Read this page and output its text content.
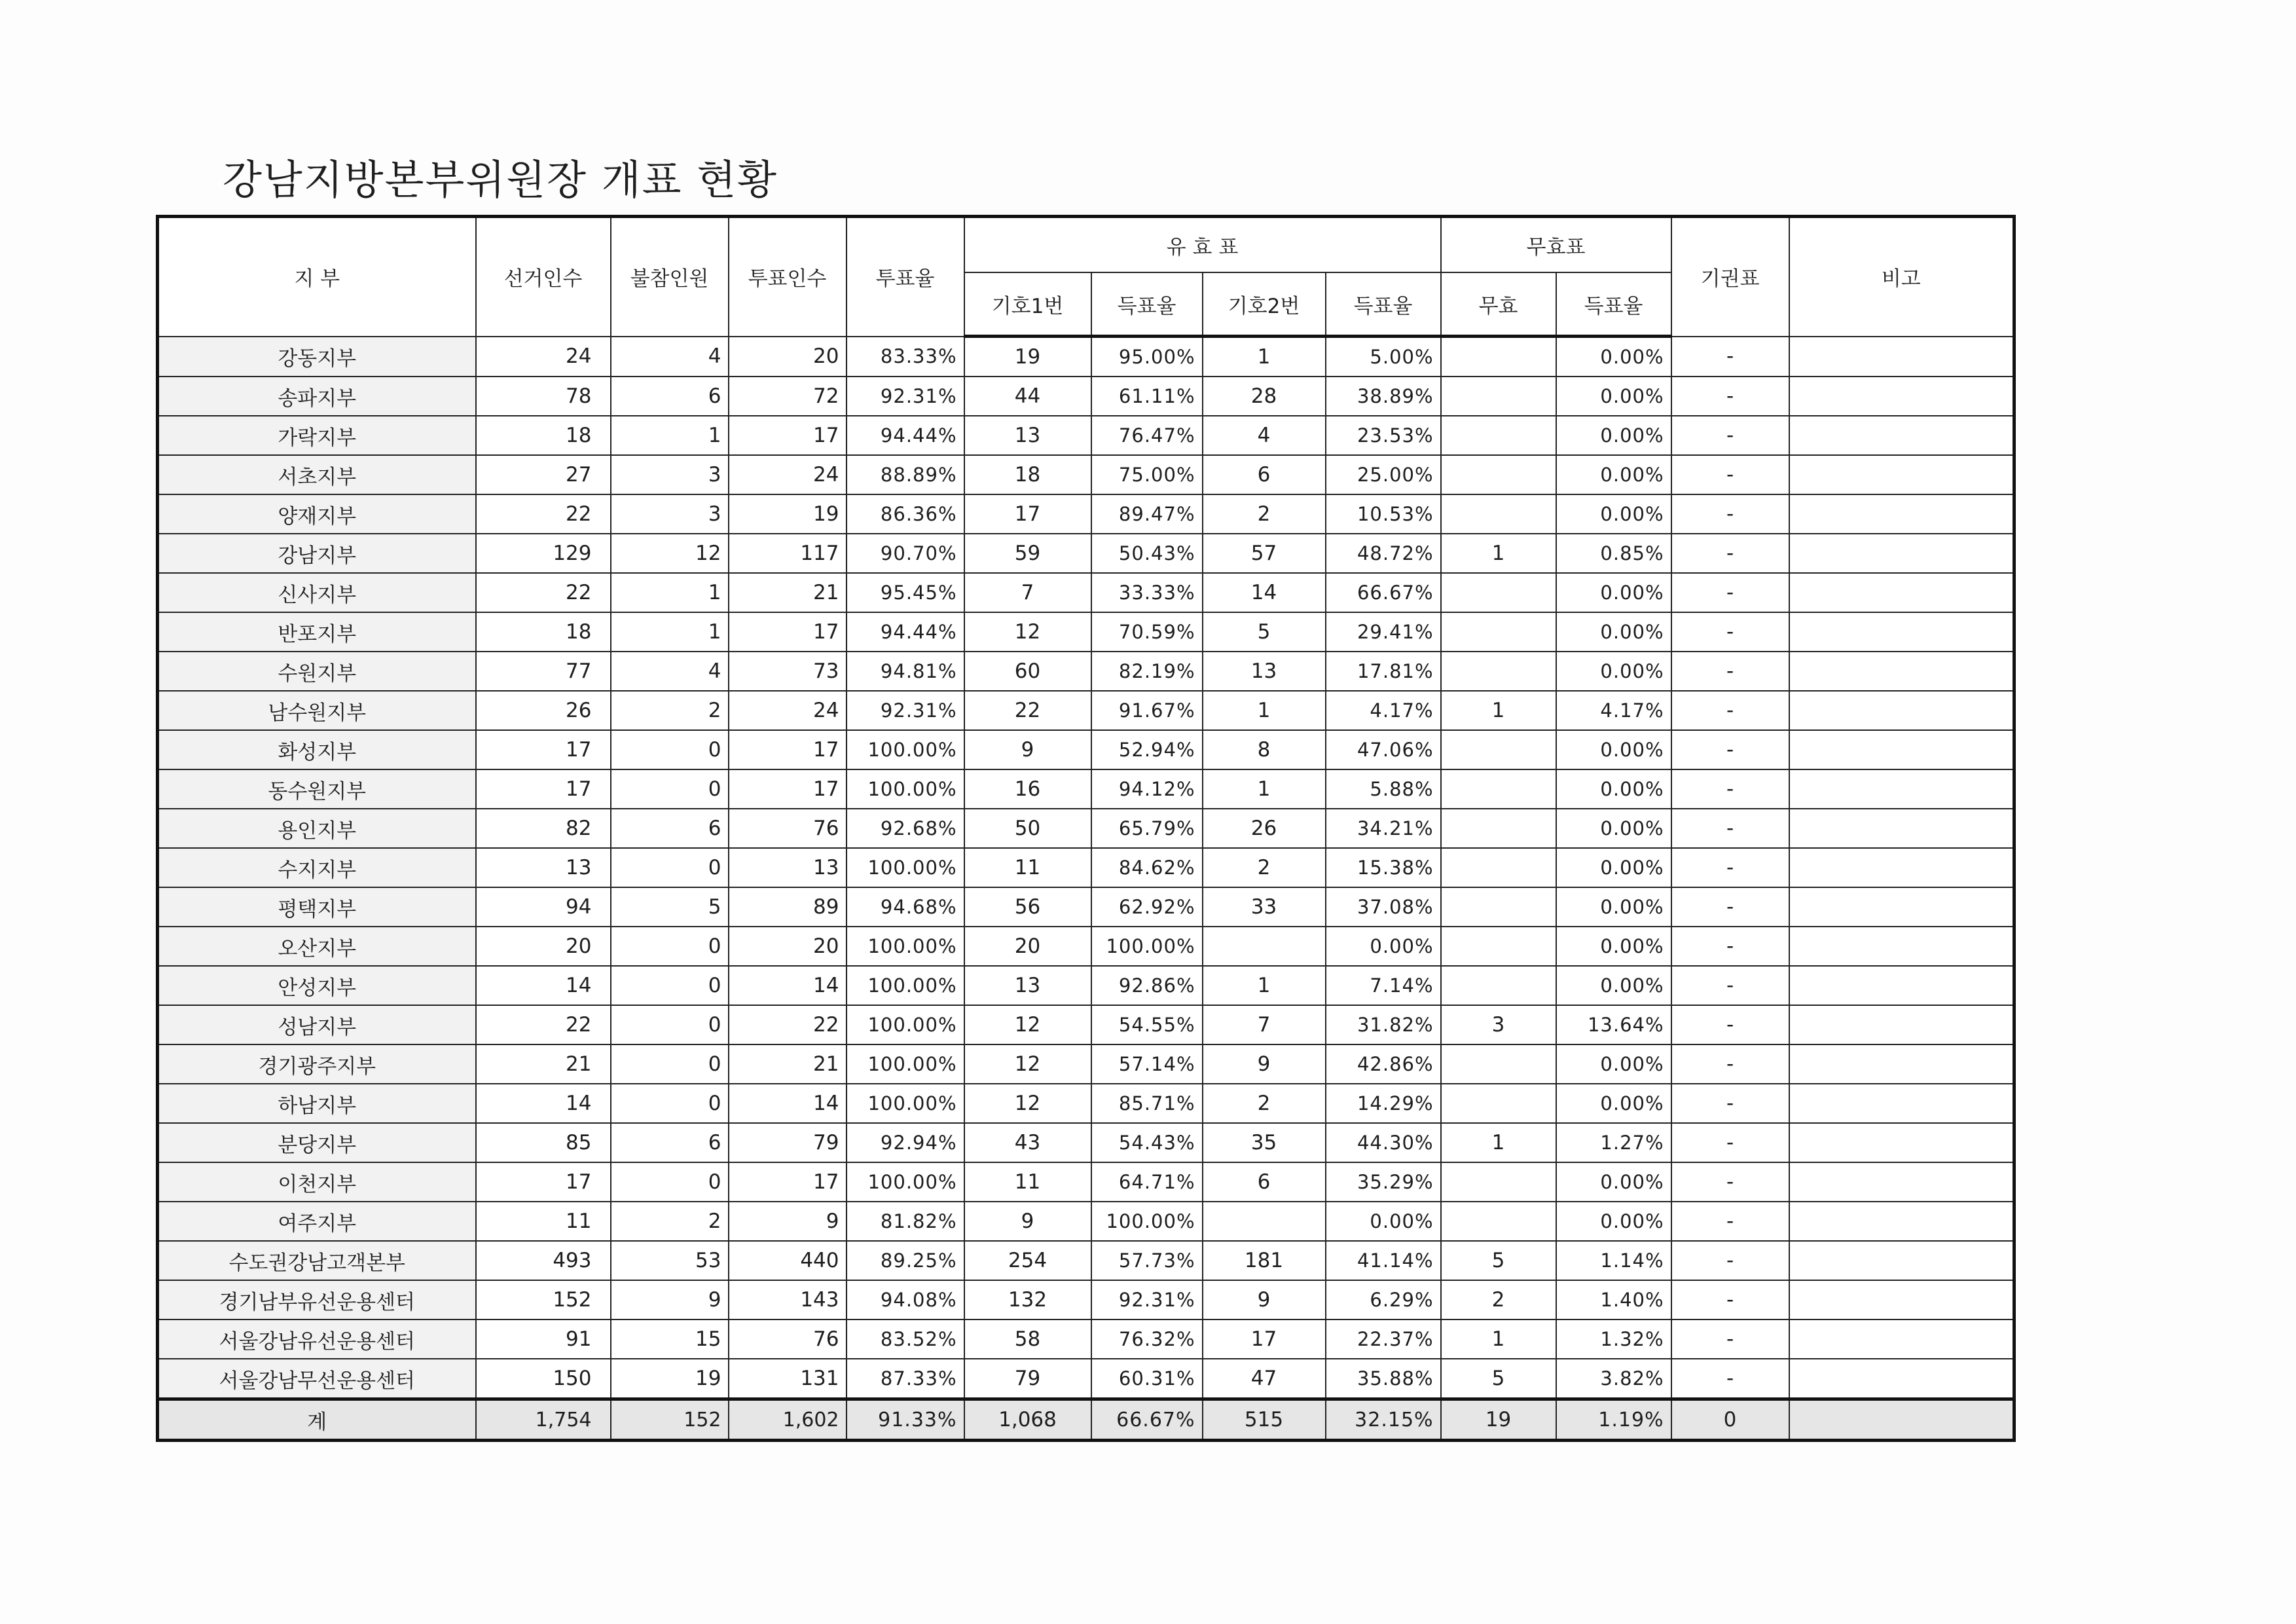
강남지방본부위원장 개표 현황
지 부	선거인수	불참인원	투표인수	투표율	유 효 표				무효표		기권표	비고
					기호1번	득표율	기호2번	득표율	무효	득표율		
강동지부	24	4	20	83.33%	19	95.00%	1	5.00%		0.00%	-	
송파지부	78	6	72	92.31%	44	61.11%	28	38.89%		0.00%	-	
가락지부	18	1	17	94.44%	13	76.47%	4	23.53%		0.00%	-	
서초지부	27	3	24	88.89%	18	75.00%	6	25.00%		0.00%	-	
양재지부	22	3	19	86.36%	17	89.47%	2	10.53%		0.00%	-	
강남지부	129	12	117	90.70%	59	50.43%	57	48.72%	1	0.85%	-	
신사지부	22	1	21	95.45%	7	33.33%	14	66.67%		0.00%	-	
반포지부	18	1	17	94.44%	12	70.59%	5	29.41%		0.00%	-	
수원지부	77	4	73	94.81%	60	82.19%	13	17.81%		0.00%	-	
남수원지부	26	2	24	92.31%	22	91.67%	1	4.17%	1	4.17%	-	
화성지부	17	0	17	100.00%	9	52.94%	8	47.06%		0.00%	-	
동수원지부	17	0	17	100.00%	16	94.12%	1	5.88%		0.00%	-	
용인지부	82	6	76	92.68%	50	65.79%	26	34.21%		0.00%	-	
수지지부	13	0	13	100.00%	11	84.62%	2	15.38%		0.00%	-	
평택지부	94	5	89	94.68%	56	62.92%	33	37.08%		0.00%	-	
오산지부	20	0	20	100.00%	20	100.00%		0.00%		0.00%	-	
안성지부	14	0	14	100.00%	13	92.86%	1	7.14%		0.00%	-	
성남지부	22	0	22	100.00%	12	54.55%	7	31.82%	3	13.64%	-	
경기광주지부	21	0	21	100.00%	12	57.14%	9	42.86%		0.00%	-	
하남지부	14	0	14	100.00%	12	85.71%	2	14.29%		0.00%	-	
분당지부	85	6	79	92.94%	43	54.43%	35	44.30%	1	1.27%	-	
이천지부	17	0	17	100.00%	11	64.71%	6	35.29%		0.00%	-	
여주지부	11	2	9	81.82%	9	100.00%		0.00%		0.00%	-	
수도권강남고객본부	493	53	440	89.25%	254	57.73%	181	41.14%	5	1.14%	-	
경기남부유선운용센터	152	9	143	94.08%	132	92.31%	9	6.29%	2	1.40%	-	
서울강남유선운용센터	91	15	76	83.52%	58	76.32%	17	22.37%	1	1.32%	-	
서울강남무선운용센터	150	19	131	87.33%	79	60.31%	47	35.88%	5	3.82%	-	
계	1,754	152	1,602	91.33%	1,068	66.67%	515	32.15%	19	1.19%	0	
